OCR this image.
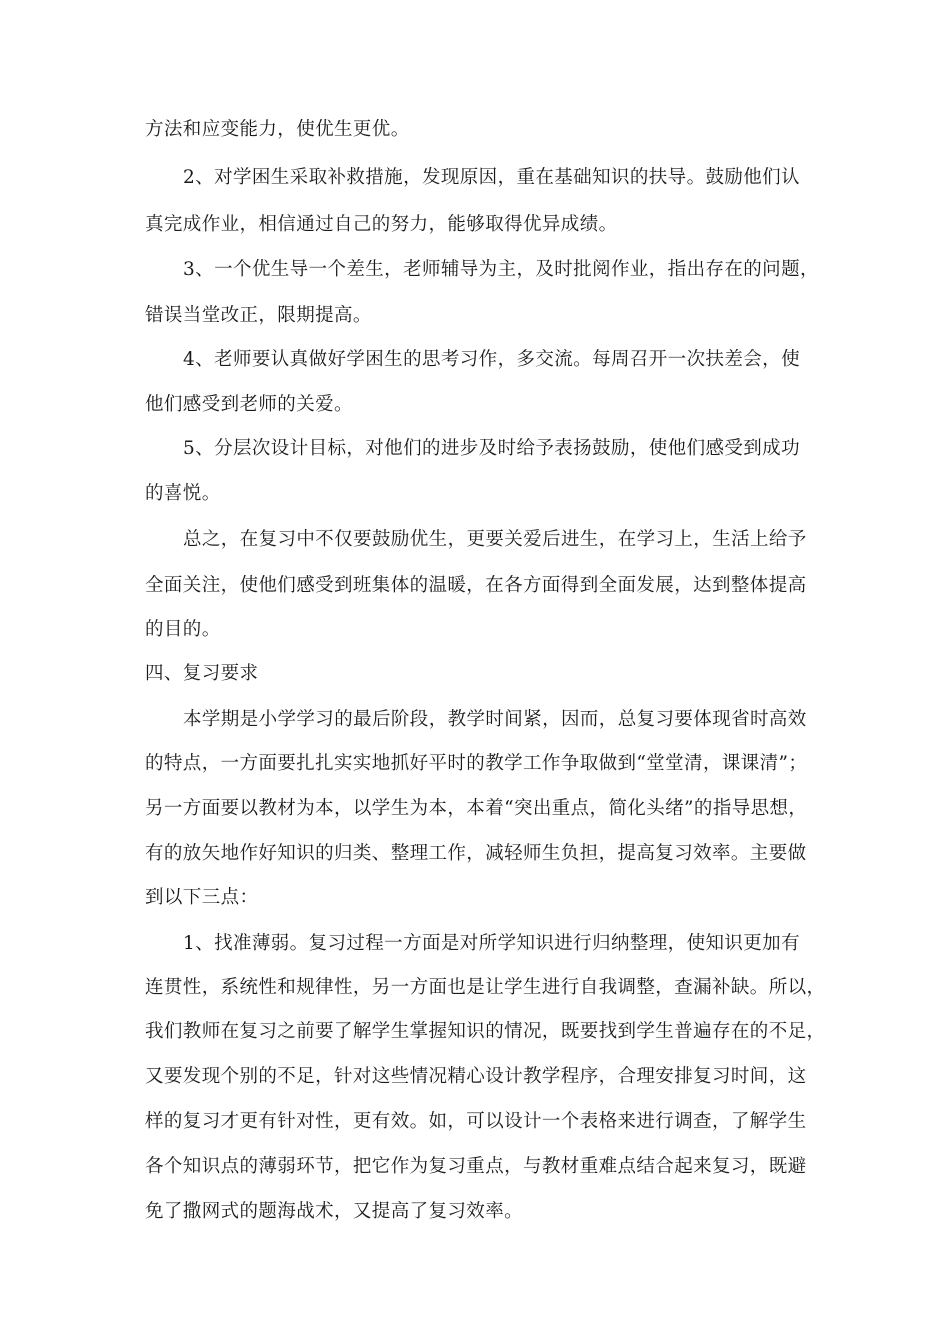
方法和应变能力，使优生更优。
2、对学困生采取补救措施，发现原因，重在基础知识的扶导。鼓励他们认
真完成作业，相信通过自己的努力，能够取得优异成绩。
3、一个优生导一个差生，老师辅导为主，及时批阅作业，指出存在的问题，
错误当堂改正，限期提高。
4、老师要认真做好学困生的思考习作，多交流。每周召开一次扶差会，使
他们感受到老师的关爱。
5、分层次设计目标，对他们的进步及时给予表扬鼓励，使他们感受到成功
的喜悦。
总之，在复习中不仅要鼓励优生，更要关爱后进生，在学习上，生活上给予
全面关注，使他们感受到班集体的温暖，在各方面得到全面发展，达到整体提高
的目的。
四、复习要求
本学期是小学学习的最后阶段，教学时间紧，因而，总复习要体现省时高效
的特点，一方面要扎扎实实地抓好平时的教学工作争取做到“堂堂清，课课清”；
另一方面要以教材为本，以学生为本，本着“突出重点，简化头绪”的指导思想，
有的放矢地作好知识的归类、整理工作，减轻师生负担，提高复习效率。主要做
到以下三点：
1、找准薄弱。复习过程一方面是对所学知识进行归纳整理，使知识更加有
连贯性，系统性和规律性，另一方面也是让学生进行自我调整，查漏补缺。所以，
我们教师在复习之前要了解学生掌握知识的情况，既要找到学生普遍存在的不足，
又要发现个别的不足，针对这些情况精心设计教学程序，合理安排复习时间，这
样的复习才更有针对性，更有效。如，可以设计一个表格来进行调查，了解学生
各个知识点的薄弱环节，把它作为复习重点，与教材重难点结合起来复习，既避
免了撒网式的题海战术，又提高了复习效率。
